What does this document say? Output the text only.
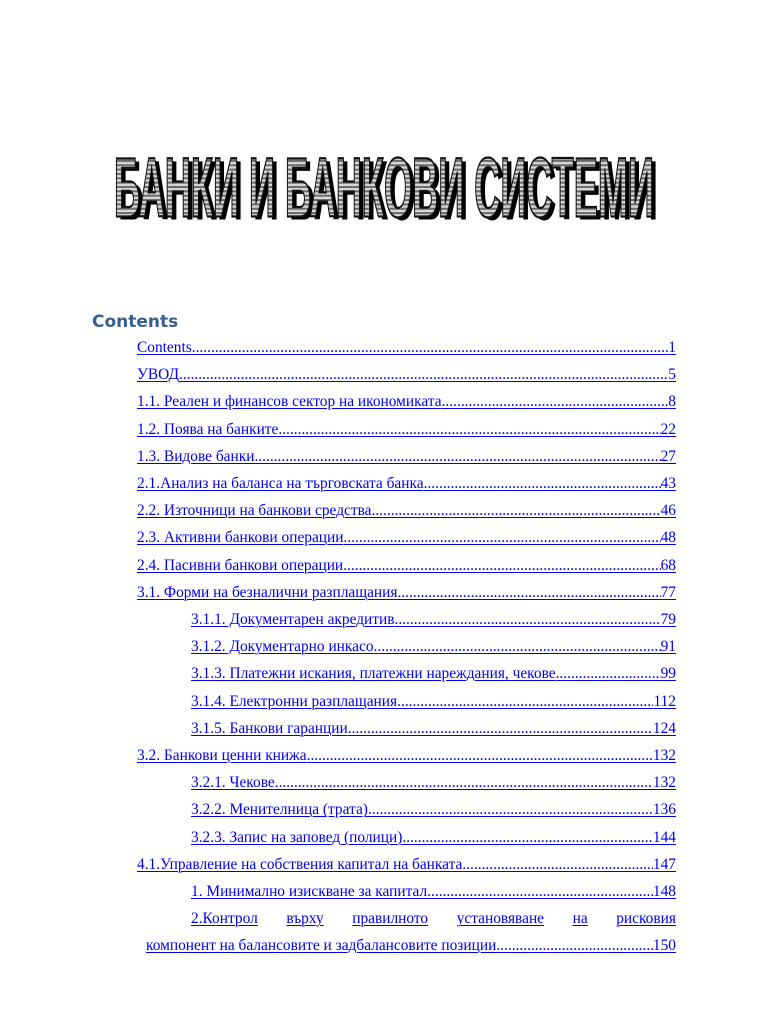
БАНКИ И БАНКОВИ СИСТЕМИ
БАНКИ И БАНКОВИ СИСТЕМИ
Contents
Contents .....	1
УВОД .....	5
1.1. Реален и финансов сектор на икономиката .....	8
1.2. Поява на банките .....	22
1.3. Видове банки .....	27
2.1.Анализ на баланса на търговската банка .....	43
2.2. Източници на банкови средства .....	46
2.3. Активни банкови операции .....	48
2.4. Пасивни банкови операции .....	68
3.1. Форми на безналични разплащания .....	77
3.1.1. Документарен акредитив .....	79
3.1.2. Документарно инкасо .....	91
3.1.3. Платежни искания, платежни нареждания, чекове .....	99
3.1.4. Електронни разплащания .....	112
3.1.5. Банкови гаранции .....	124
3.2. Банкови ценни книжа .....	132
3.2.1. Чекове .....	132
3.2.2. Менителница (трата) .....	136
3.2.3. Запис на заповед (полици) .....	144
4.1.Управление на собствения капитал на банката .....	147
1. Минимално изискване за капитал. .....	148
2.Контрол върху правилното установяване на рисковия
компонент на балансовите и задбалансовите позиции .....	150
